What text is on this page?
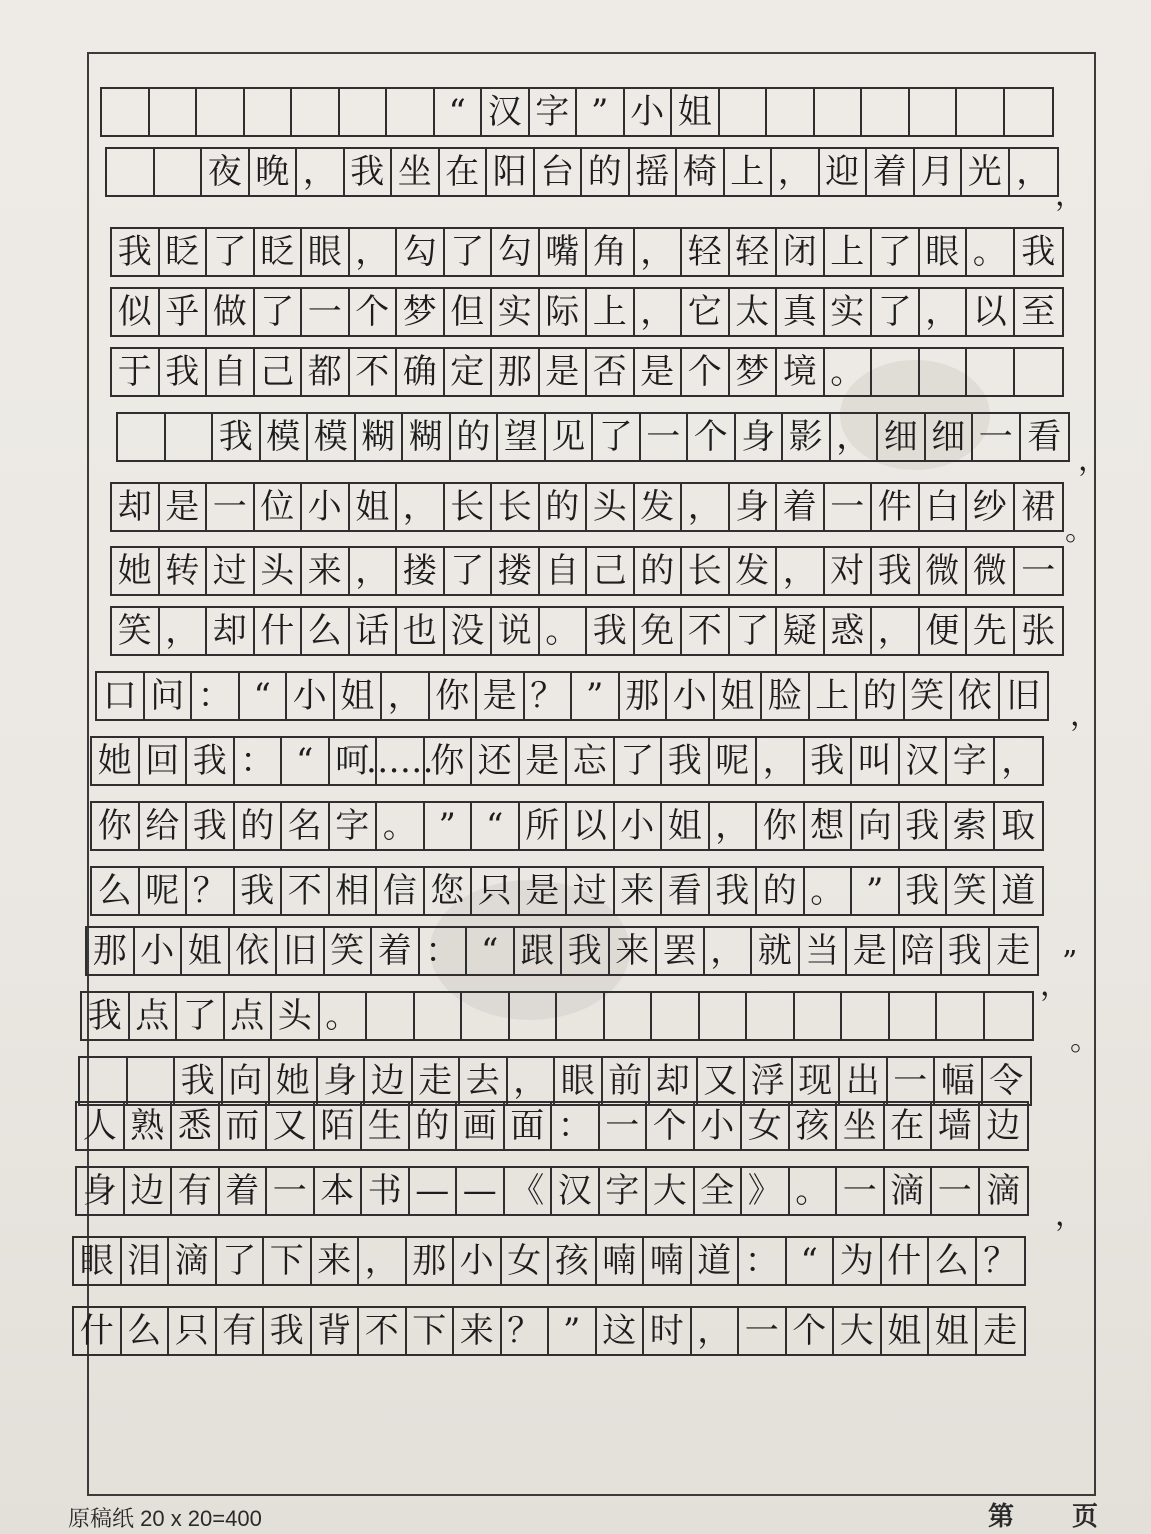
“ 汉 字 ” 小 姐
夜 晚 ， 我 坐 在 阳 台 的 摇 椅 上 ， 迎 着 月 光 ，
我 眨 了 眨 眼 ， 勾 了 勾 嘴 角 ， 轻 轻 闭 上 了 眼 。 我
似 乎 做 了 一 个 梦 但 实 际 上 ， 它 太 真 实 了 ， 以 至
于 我 自 己 都 不 确 定 那 是 否 是 个 梦 境 。
我 模 模 糊 糊 的 望 见 了 一 个 身 影 ， 细 细 一 看
却 是 一 位 小 姐 ， 长 长 的 头 发 ， 身 着 一 件 白 纱 裙
她 转 过 头 来 ， 搂 了 搂 自 己 的 长 发 ， 对 我 微 微 一
笑 ， 却 什 么 话 也 没 说 。 我 免 不 了 疑 惑 ， 便 先 张
口 问 ： “ 小 姐 ， 你 是 ？ ” 那 小 姐 脸 上 的 笑 依 旧
她 回 我 ： “ 呵
……
你 还 是 忘 了 我 呢 ， 我 叫 汉 字 ，
你 给 我 的 名 字 。 ” “ 所 以 小 姐 ， 你 想 向 我 索 取
么 呢 ？ 我 不 相 信 您 只 是 过 来 看 我 的 。 ” 我 笑 道
那 小 姐 依 旧 笑 着 ： “ 跟 我 来 罢 ， 就 当 是 陪 我 走
我 点 了 点 头 。
我 向 她 身 边 走 去 ， 眼 前 却 又 浮 现 出 一 幅 令
人 熟 悉 而 又 陌 生 的 画 面 ： 一 个 小 女 孩 坐 在 墙 边
身 边 有 着 一 本 书 — — 《 汉 字 大 全 》 。 一 滴 一 滴
眼 泪 滴 了 下 来 ， 那 小 女 孩 喃 喃 道 ： “ 为 什 么 ？
什 么 只 有 我 背 不 下 来 ？ ” 这 时 ， 一 个 大 姐 姐 走
，
。
，
。
，
，
”
，
原稿纸 20 x 20=400	第 页
